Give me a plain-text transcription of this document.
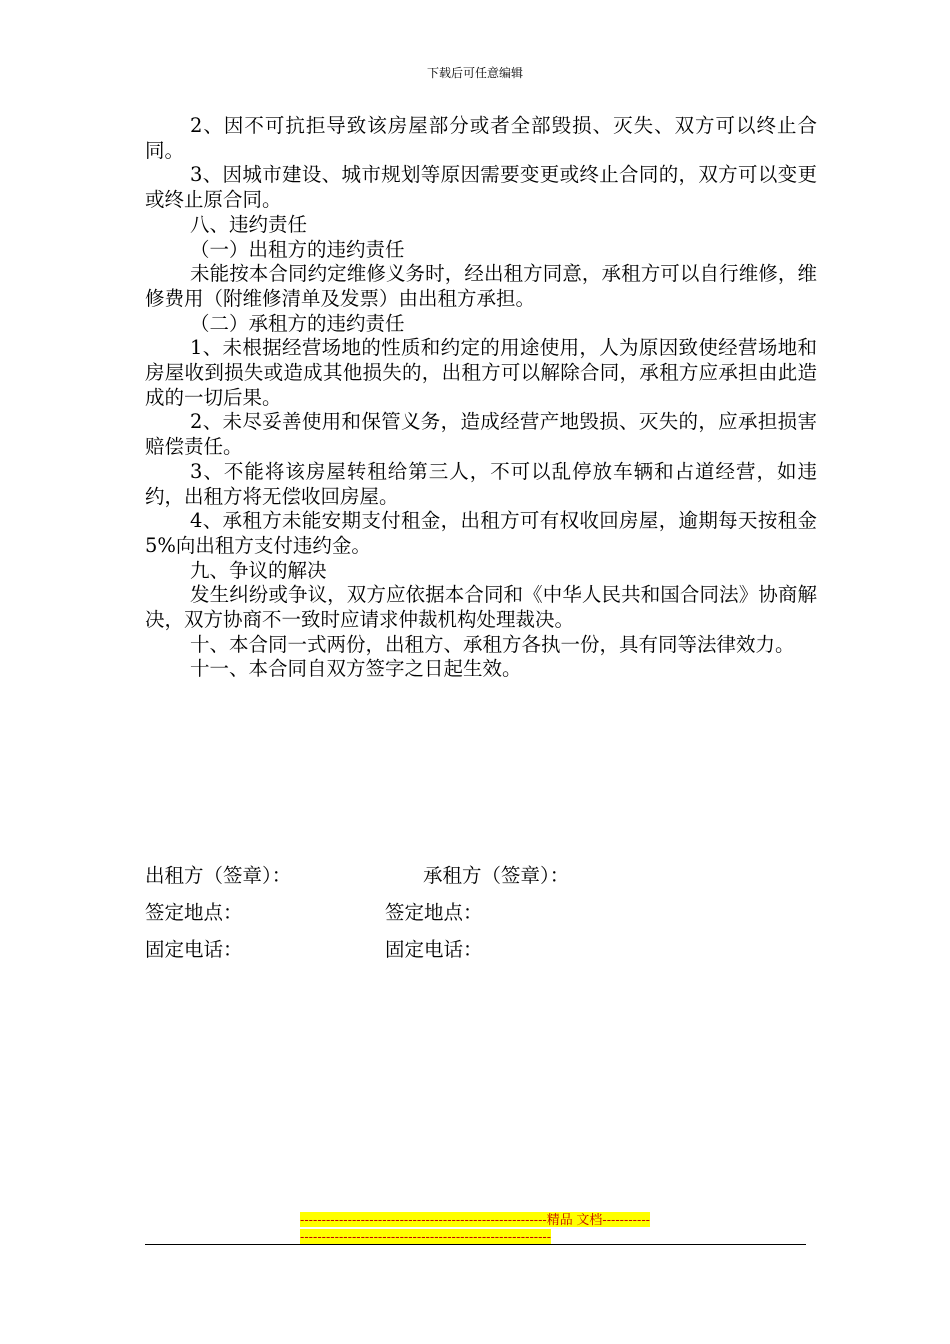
下载后可任意编辑

2、因不可抗拒导致该房屋部分或者全部毁损、灭失、双方可以终止合同。

3、因城市建设、城市规划等原因需要变更或终止合同的，双方可以变更或终止原合同。

八、违约责任

（一）出租方的违约责任

未能按本合同约定维修义务时，经出租方同意，承租方可以自行维修，维修费用（附维修清单及发票）由出租方承担。

（二）承租方的违约责任

1、未根据经营场地的性质和约定的用途使用，人为原因致使经营场地和房屋收到损失或造成其他损失的，出租方可以解除合同，承租方应承担由此造成的一切后果。

2、未尽妥善使用和保管义务，造成经营产地毁损、灭失的，应承担损害赔偿责任。

3、不能将该房屋转租给第三人，不可以乱停放车辆和占道经营，如违约，出租方将无偿收回房屋。

4、承租方未能安期支付租金，出租方可有权收回房屋，逾期每天按租金5%向出租方支付违约金。

九、争议的解决

发生纠纷或争议，双方应依据本合同和《中华人民共和国合同法》协商解决，双方协商不一致时应请求仲裁机构处理裁决。

十、本合同一式两份，出租方、承租方各执一份，具有同等法律效力。

十一、本合同自双方签字之日起生效。

出租方（签章）：	承租方（签章）：
签定地点：	签定地点：
固定电话：	固定电话：
---------------------------------------------------------精品 文档---------------------------------------------------------------------
